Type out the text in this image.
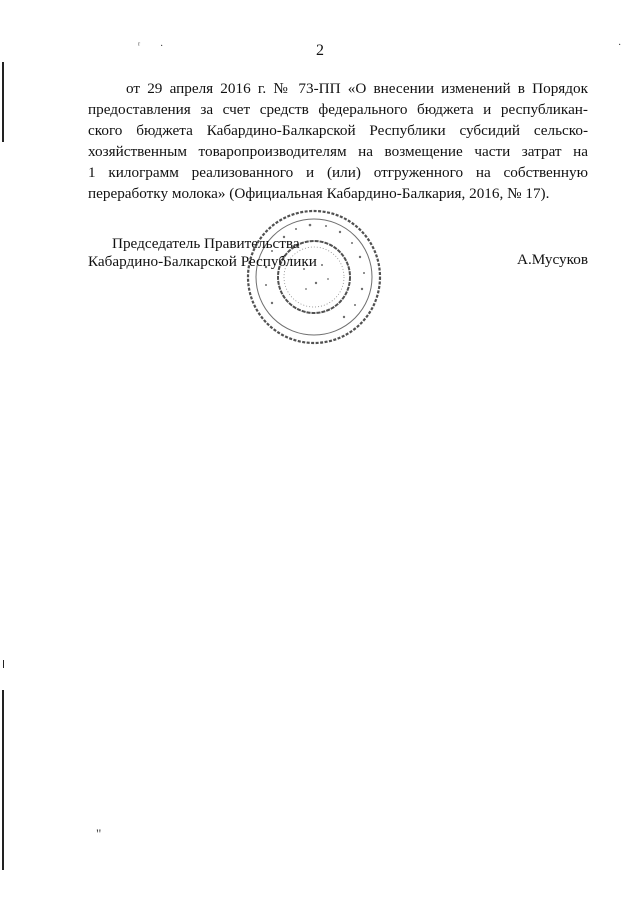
ʳ ·	·
2
от 29 апреля 2016 г. № 73-ПП «О внесении изменений в Порядок
предоставления за счет средств федерального бюджета и республикан-
ского бюджета Кабардино-Балкарской Республики субсидий сельско-
хозяйственным товаропроизводителям на возмещение части затрат на
1 килограмм реализованного и (или) отгруженного на собственную
переработку молока» (Официальная Кабардино-Балкария, 2016, № 17).
Председатель Правительства
Кабардино-Балкарской Республики	А.Мусуков
"
